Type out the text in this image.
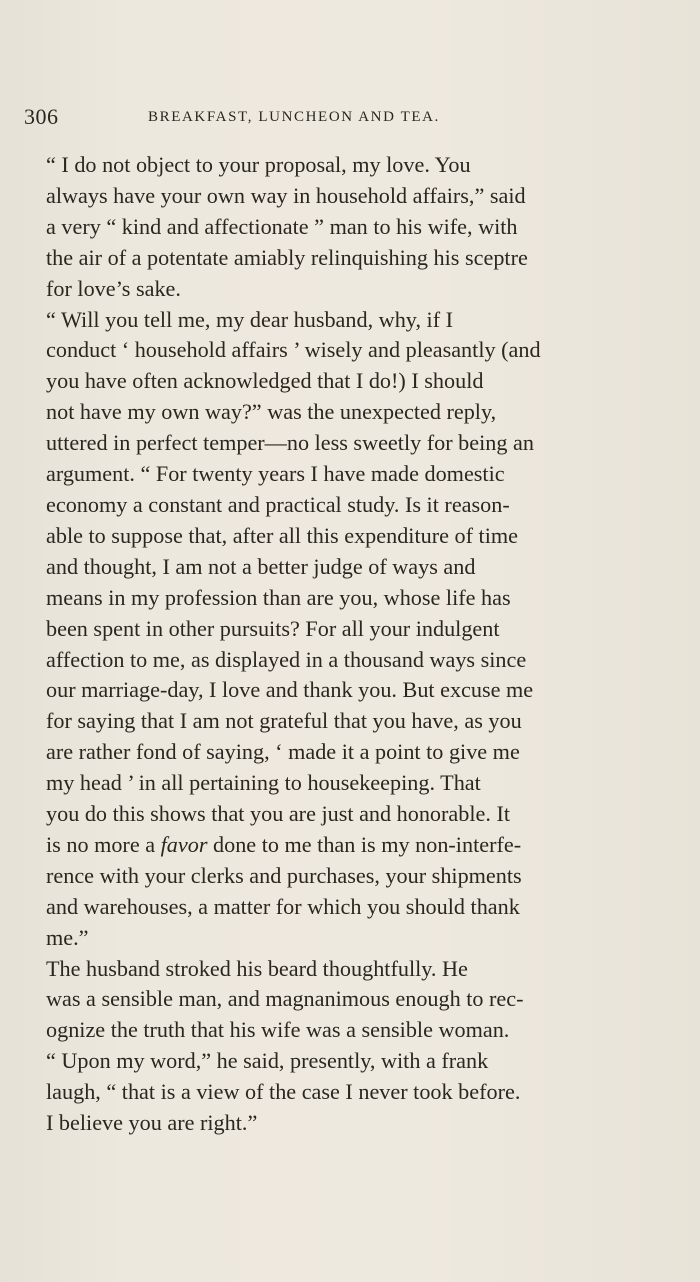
306	BREAKFAST, LUNCHEON AND TEA.

“ I do not object to your proposal, my love. You
always have your own way in household affairs,” said
a very “ kind and affectionate ” man to his wife, with
the air of a potentate amiably relinquishing his sceptre
for love’s sake.

“ Will you tell me, my dear husband, why, if I
conduct ‘ household affairs ’ wisely and pleasantly (and
you have often acknowledged that I do!) I should
not have my own way?” was the unexpected reply,
uttered in perfect temper—no less sweetly for being an
argument. “ For twenty years I have made domestic
economy a constant and practical study. Is it reason-
able to suppose that, after all this expenditure of time
and thought, I am not a better judge of ways and
means in my profession than are you, whose life has
been spent in other pursuits? For all your indulgent
affection to me, as displayed in a thousand ways since
our marriage-day, I love and thank you. But excuse me
for saying that I am not grateful that you have, as you
are rather fond of saying, ‘ made it a point to give me
my head ’ in all pertaining to housekeeping. That
you do this shows that you are just and honorable. It
is no more a favor done to me than is my non-interfe-
rence with your clerks and purchases, your shipments
and warehouses, a matter for which you should thank
me.”

The husband stroked his beard thoughtfully. He
was a sensible man, and magnanimous enough to rec-
ognize the truth that his wife was a sensible woman.

“ Upon my word,” he said, presently, with a frank
laugh, “ that is a view of the case I never took before.
I believe you are right.”
